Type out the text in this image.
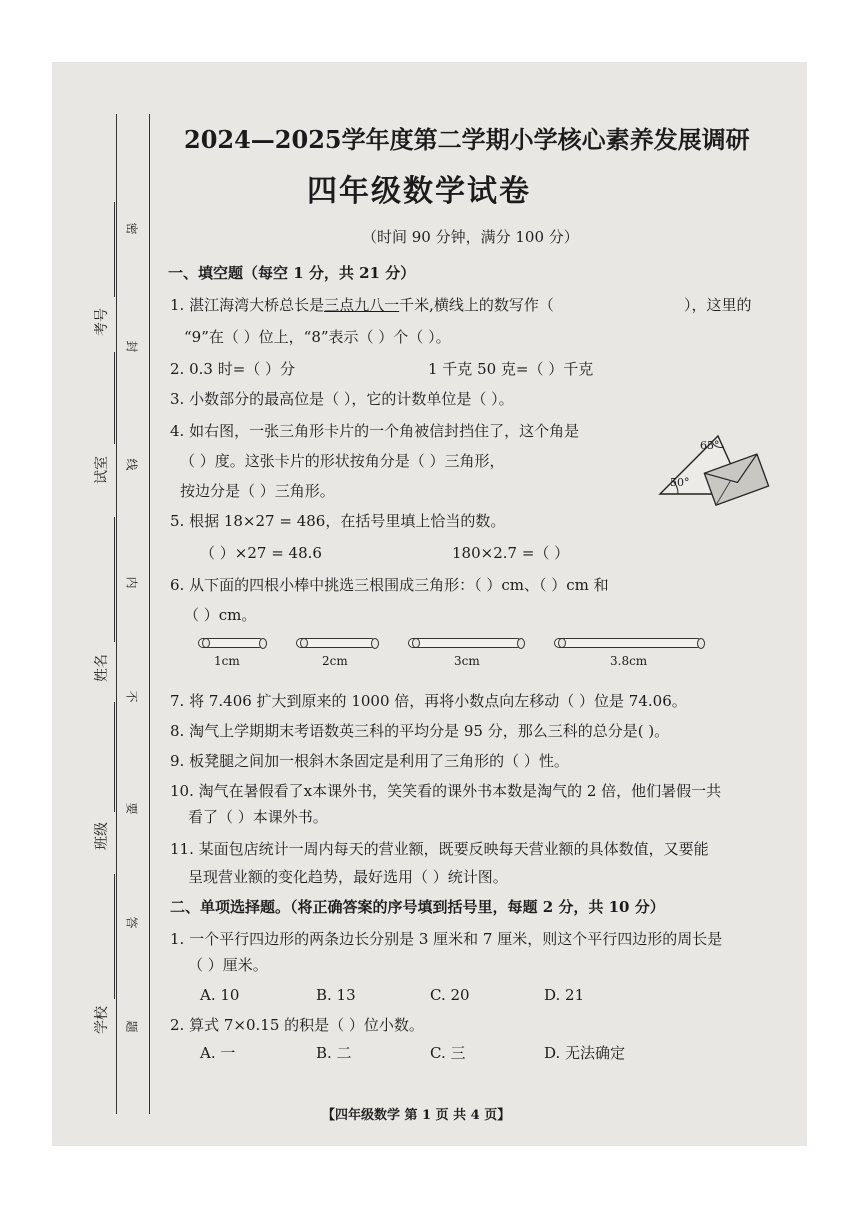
考号
试室
姓名
班级
学校
密
封
线
内
不
要
答
题
2024—2025学年度第二学期小学核心素养发展调研
四年级数学试卷
（时间 90 分钟，满分 100 分）
一、填空题（每空 1 分，共 21 分）
1. 湛江海湾大桥总长是三点九八一千米,横线上的数写作（	），这里的
“9”在（ ）位上，“8”表示（ ）个（ ）。
2. 0.3 时=（ ）分	1 千克 50 克=（ ）千克
3. 小数部分的最高位是（ ），它的计数单位是（ ）。
4. 如右图，一张三角形卡片的一个角被信封挡住了，这个角是
（ ）度。这张卡片的形状按角分是（ ）三角形，
按边分是（ ）三角形。
65°
50°
5. 根据 18×27 = 486，在括号里填上恰当的数。
（ ）×27 = 48.6	180×2.7 =（ ）
6. 从下面的四根小棒中挑选三根围成三角形：（ ）cm、（ ）cm 和
（ ）cm。
1cm	2cm	3cm	3.8cm
7. 将 7.406 扩大到原来的 1000 倍，再将小数点向左移动（ ）位是 74.06。
8. 淘气上学期期末考语数英三科的平均分是 95 分，那么三科的总分是( )。
9. 板凳腿之间加一根斜木条固定是利用了三角形的（ ）性。
10. 淘气在暑假看了x本课外书，笑笑看的课外书本数是淘气的 2 倍，他们暑假一共
看了（ ）本课外书。
11. 某面包店统计一周内每天的营业额，既要反映每天营业额的具体数值，又要能
呈现营业额的变化趋势，最好选用（ ）统计图。
二、单项选择题。（将正确答案的序号填到括号里，每题 2 分，共 10 分）
1. 一个平行四边形的两条边长分别是 3 厘米和 7 厘米，则这个平行四边形的周长是
（ ）厘米。
A. 10	B. 13	C. 20	D. 21
2. 算式 7×0.15 的积是（ ）位小数。
A. 一	B. 二	C. 三	D. 无法确定
【四年级数学 第 1 页 共 4 页】
